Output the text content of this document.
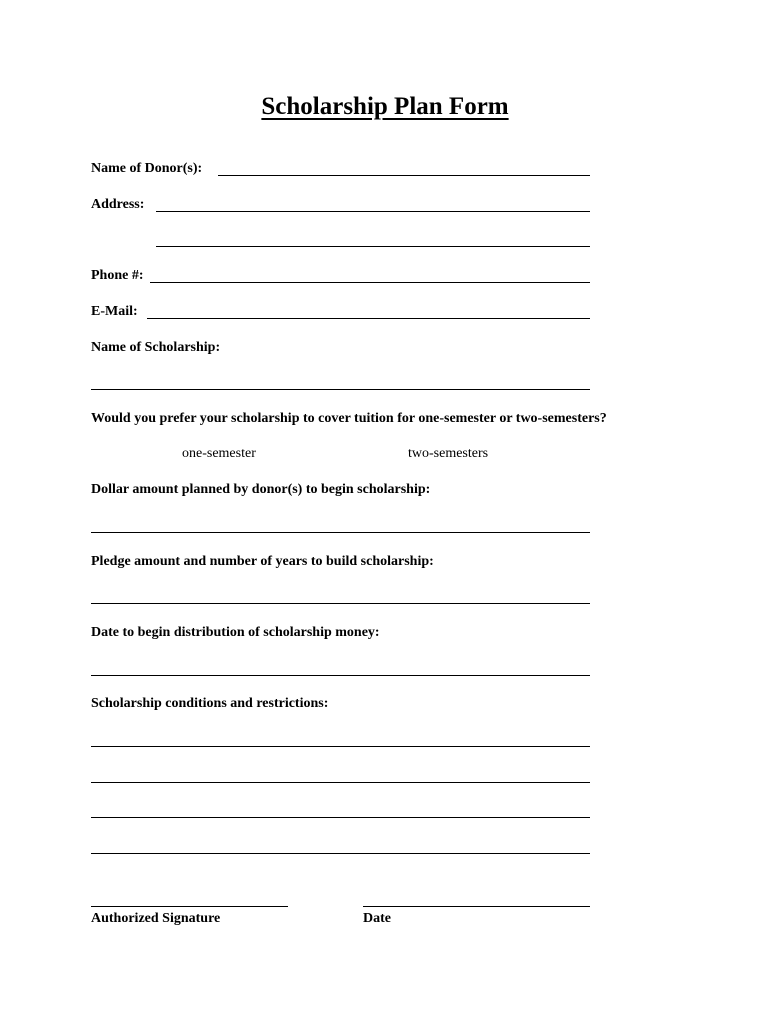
Scholarship Plan Form
Name of Donor(s):
Address:
Phone #:
E-Mail:
Name of Scholarship:
Would you prefer your scholarship to cover tuition for one-semester or two-semesters?
one-semester	two-semesters
Dollar amount planned by donor(s) to begin scholarship:
Pledge amount and number of years to build scholarship:
Date to begin distribution of scholarship money:
Scholarship conditions and restrictions:
Authorized Signature	Date
